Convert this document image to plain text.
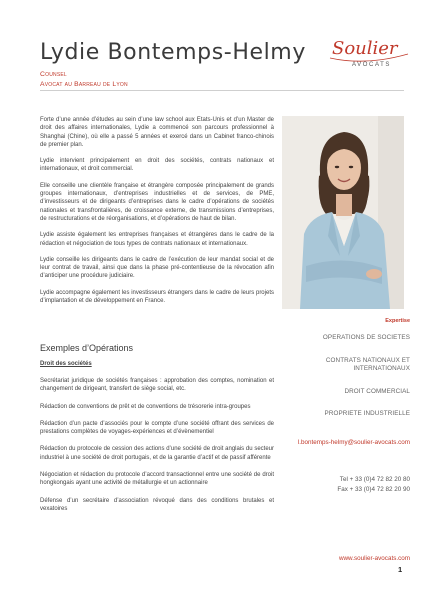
Lydie Bontemps-Helmy
Counsel
Avocat au Barreau de Lyon
Soulier
AVOCATS

Forte d’une année d’études au sein d’une law school aux Etats-Unis et d’un Master de droit des affaires internationales, Lydie a commencé son parcours professionnel à Shanghai (Chine), où elle a passé 5 années et exercé dans un Cabinet franco-chinois de premier plan.

Lydie intervient principalement en droit des sociétés, contrats nationaux et internationaux, et droit commercial.

Elle conseille une clientèle française et étrangère composée principalement de grands groupes internationaux, d’entreprises industrielles et de services, de PME, d’investisseurs et de dirigeants d’entreprises dans le cadre d’opérations de sociétés nationales et transfrontalières, de croissance externe, de transmissions d’entreprises, de restructurations et de réorganisations, et d’opérations de haut de bilan.

Lydie assiste également les entreprises françaises et étrangères dans le cadre de la rédaction et négociation de tous types de contrats nationaux et internationaux.

Lydie conseille les dirigeants dans le cadre de l’exécution de leur mandat social et de leur contrat de travail, ainsi que dans la phase pré-contentieuse de la révocation afin d’anticiper une procédure judiciaire.

Lydie accompagne également les investisseurs étrangers dans le cadre de leurs projets d’implantation et de développement en France.

Expertise
OPERATIONS DE SOCIETES
CONTRATS NATIONAUX ET INTERNATIONAUX
DROIT COMMERCIAL
PROPRIETE INDUSTRIELLE
l.bontemps-helmy@soulier-avocats.com
Tel + 33 (0)4 72 82 20 80
Fax + 33 (0)4 72 82 20 90
Exemples d’Opérations
Droit des sociétés

Secrétariat juridique de sociétés françaises : approbation des comptes, nomination et changement de dirigeant, transfert de siège social, etc.

Rédaction de conventions de prêt et de conventions de trésorerie intra-groupes

Rédaction d’un pacte d’associés pour le compte d’une société offrant des services de prestations complètes de voyages-expériences et d’évènementiel

Rédaction du protocole de cession des actions d’une société de droit anglais du secteur industriel à une société de droit portugais, et de la garantie d’actif et de passif afférente

Négociation et rédaction du protocole d’accord transactionnel entre une société de droit hongkongais ayant une activité de métallurgie et un actionnaire

Défense d’un secrétaire d’association révoqué dans des conditions brutales et vexatoires

www.soulier-avocats.com
1
